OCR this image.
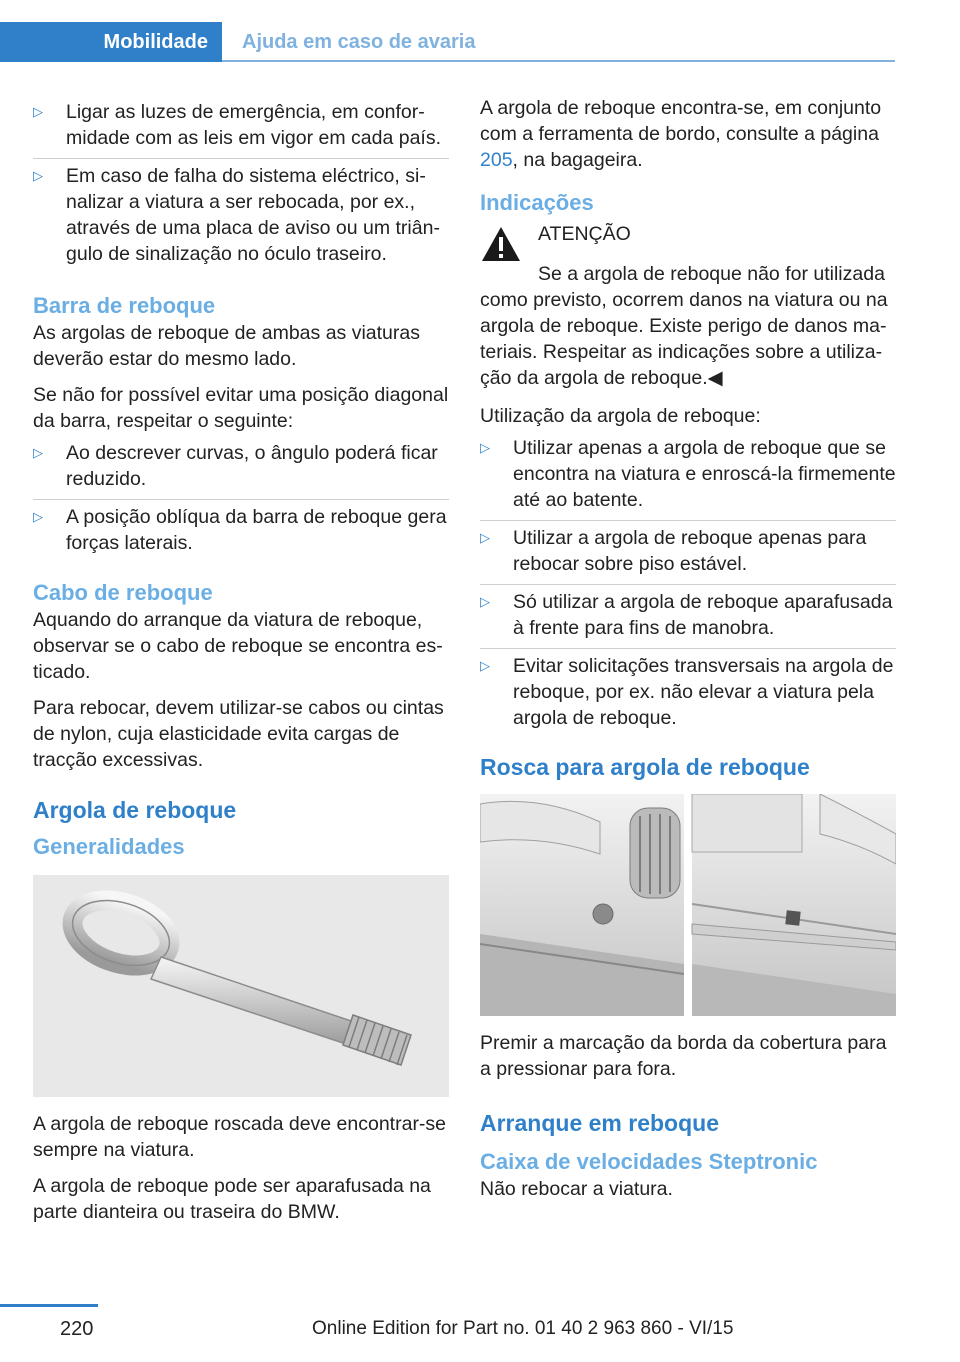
Mobilidade	Ajuda em caso de avaria
▷	Ligar as luzes de emergência, em conformidade com as leis em vigor em cada país.
▷	Em caso de falha do sistema eléctrico, sinalizar a viatura a ser rebocada, por ex., através de uma placa de aviso ou um triângulo de sinalização no óculo traseiro.
Barra de reboque

As argolas de reboque de ambas as viaturas deverão estar do mesmo lado.

Se não for possível evitar uma posição diagonal da barra, respeitar o seguinte:

▷	Ao descrever curvas, o ângulo poderá ficar reduzido.
▷	A posição oblíqua da barra de reboque gera forças laterais.
Cabo de reboque

Aquando do arranque da viatura de reboque, observar se o cabo de reboque se encontra esticado.

Para rebocar, devem utilizar-se cabos ou cintas de nylon, cuja elasticidade evita cargas de tracção excessivas.

Argola de reboque
Generalidades

A argola de reboque roscada deve encontrar-se sempre na viatura.

A argola de reboque pode ser aparafusada na parte dianteira ou traseira do BMW.

A argola de reboque encontra-se, em conjunto com a ferramenta de bordo, consulte a página 205, na bagageira.

Indicações

ATENÇÃO

Se a argola de reboque não for utilizada como previsto, ocorrem danos na viatura ou na argola de reboque. Existe perigo de danos materiais. Respeitar as indicações sobre a utilização da argola de reboque.◀

Utilização da argola de reboque:

▷	Utilizar apenas a argola de reboque que se encontra na viatura e enroscá-la firmemente até ao batente.
▷	Utilizar a argola de reboque apenas para rebocar sobre piso estável.
▷	Só utilizar a argola de reboque aparafusada à frente para fins de manobra.
▷	Evitar solicitações transversais na argola de reboque, por ex. não elevar a viatura pela argola de reboque.
Rosca para argola de reboque

Premir a marcação da borda da cobertura para a pressionar para fora.

Arranque em reboque
Caixa de velocidades Steptronic

Não rebocar a viatura.

220	Online Edition for Part no. 01 40 2 963 860 - VI/15
